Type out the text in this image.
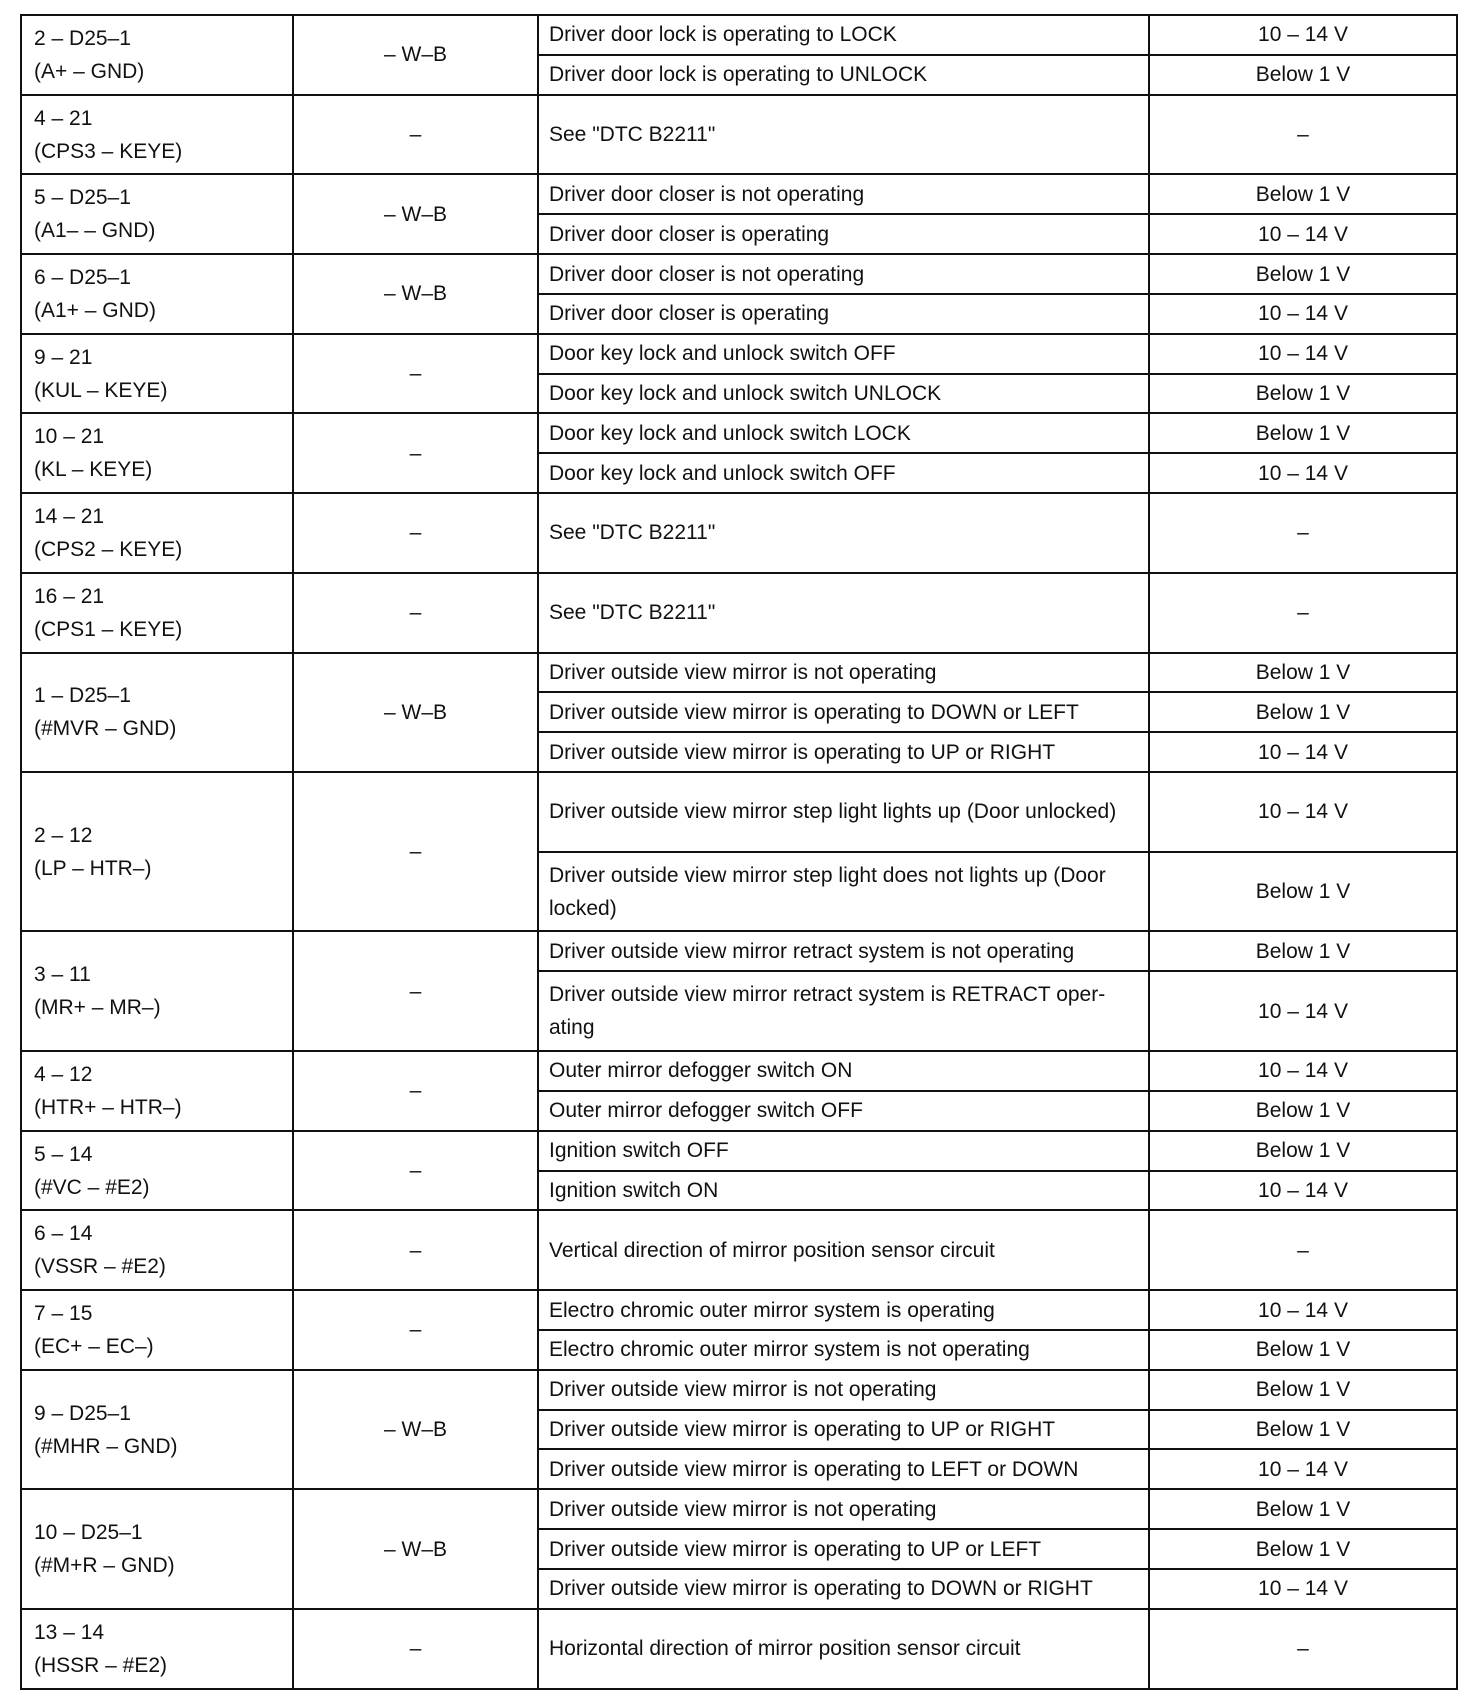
2 – D25–1
(A+ – GND)	– W–B	Driver door lock is operating to LOCK	10 – 14 V
		Driver door lock is operating to UNLOCK	Below 1 V

4 – 21
(CPS3 – KEYE)	–	See "DTC B2211"	–

5 – D25–1
(A1– – GND)	– W–B	Driver door closer is not operating	Below 1 V
		Driver door closer is operating	10 – 14 V

6 – D25–1
(A1+ – GND)	– W–B	Driver door closer is not operating	Below 1 V
		Driver door closer is operating	10 – 14 V

9 – 21
(KUL – KEYE)	–	Door key lock and unlock switch OFF	10 – 14 V
		Door key lock and unlock switch UNLOCK	Below 1 V

10 – 21
(KL – KEYE)	–	Door key lock and unlock switch LOCK	Below 1 V
		Door key lock and unlock switch OFF	10 – 14 V

14 – 21
(CPS2 – KEYE)	–	See "DTC B2211"	–

16 – 21
(CPS1 – KEYE)	–	See "DTC B2211"	–

1 – D25–1
(#MVR – GND)	– W–B	Driver outside view mirror is not operating	Below 1 V
		Driver outside view mirror is operating to DOWN or LEFT	Below 1 V
		Driver outside view mirror is operating to UP or RIGHT	10 – 14 V

2 – 12
(LP – HTR–)	–	Driver outside view mirror step light lights up (Door unlocked)	10 – 14 V
		Driver outside view mirror step light does not lights up (Door locked)	Below 1 V

3 – 11
(MR+ – MR–)	–	Driver outside view mirror retract system is not operating	Below 1 V
		Driver outside view mirror retract system is RETRACT oper-ating	10 – 14 V

4 – 12
(HTR+ – HTR–)	–	Outer mirror defogger switch ON	10 – 14 V
		Outer mirror defogger switch OFF	Below 1 V

5 – 14
(#VC – #E2)	–	Ignition switch OFF	Below 1 V
		Ignition switch ON	10 – 14 V

6 – 14
(VSSR – #E2)	–	Vertical direction of mirror position sensor circuit	–

7 – 15
(EC+ – EC–)	–	Electro chromic outer mirror system is operating	10 – 14 V
		Electro chromic outer mirror system is not operating	Below 1 V

9 – D25–1
(#MHR – GND)	– W–B	Driver outside view mirror is not operating	Below 1 V
		Driver outside view mirror is operating to UP or RIGHT	Below 1 V
		Driver outside view mirror is operating to LEFT or DOWN	10 – 14 V

10 – D25–1
(#M+R – GND)	– W–B	Driver outside view mirror is not operating	Below 1 V
		Driver outside view mirror is operating to UP or LEFT	Below 1 V
		Driver outside view mirror is operating to DOWN or RIGHT	10 – 14 V

13 – 14
(HSSR – #E2)	–	Horizontal direction of mirror position sensor circuit	–
